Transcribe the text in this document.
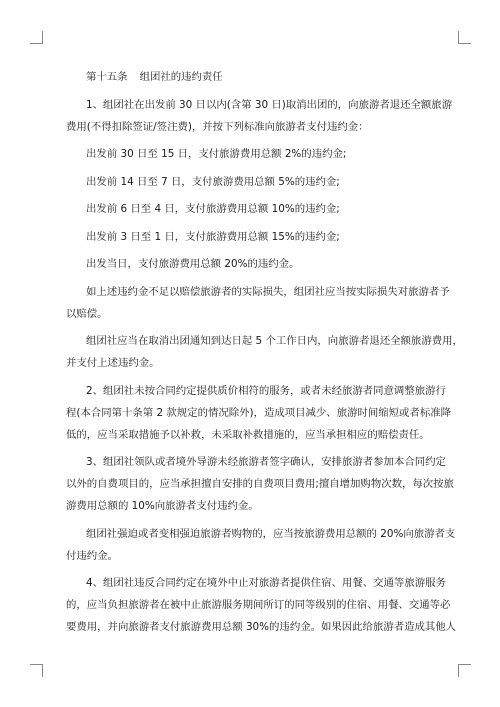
第十五条 组团社的违约责任
1、组团社在出发前 30 日以内(含第 30 日)取消出团的，向旅游者退还全额旅游
费用(不得扣除签证/签注费)，并按下列标准向旅游者支付违约金：
出发前 30 日至 15 日，支付旅游费用总额 2%的违约金;
出发前 14 日至 7 日，支付旅游费用总额 5%的违约金;
出发前 6 日至 4 日，支付旅游费用总额 10%的违约金;
出发前 3 日至 1 日，支付旅游费用总额 15%的违约金;
出发当日，支付旅游费用总额 20%的违约金。
如上述违约金不足以赔偿旅游者的实际损失，组团社应当按实际损失对旅游者予
以赔偿。
组团社应当在取消出团通知到达日起 5 个工作日内，向旅游者退还全额旅游费用，
并支付上述违约金。
2、组团社未按合同约定提供质价相符的服务，或者未经旅游者同意调整旅游行
程(本合同第十条第 2 款规定的情况除外)，造成项目减少、旅游时间缩短或者标准降
低的，应当采取措施予以补救，未采取补救措施的，应当承担相应的赔偿责任。
3、组团社领队或者境外导游未经旅游者签字确认，安排旅游者参加本合同约定
以外的自费项目的，应当承担擅自安排的自费项目费用;擅自增加购物次数，每次按旅
游费用总额的 10%向旅游者支付违约金。
组团社强迫或者变相强迫旅游者购物的，应当按旅游费用总额的 20%向旅游者支
付违约金。
4、组团社违反合同约定在境外中止对旅游者提供住宿、用餐、交通等旅游服务
的，应当负担旅游者在被中止旅游服务期间所订的同等级别的住宿、用餐、交通等必
要费用，并向旅游者支付旅游费用总额 30%的违约金。如果因此给旅游者造成其他人
